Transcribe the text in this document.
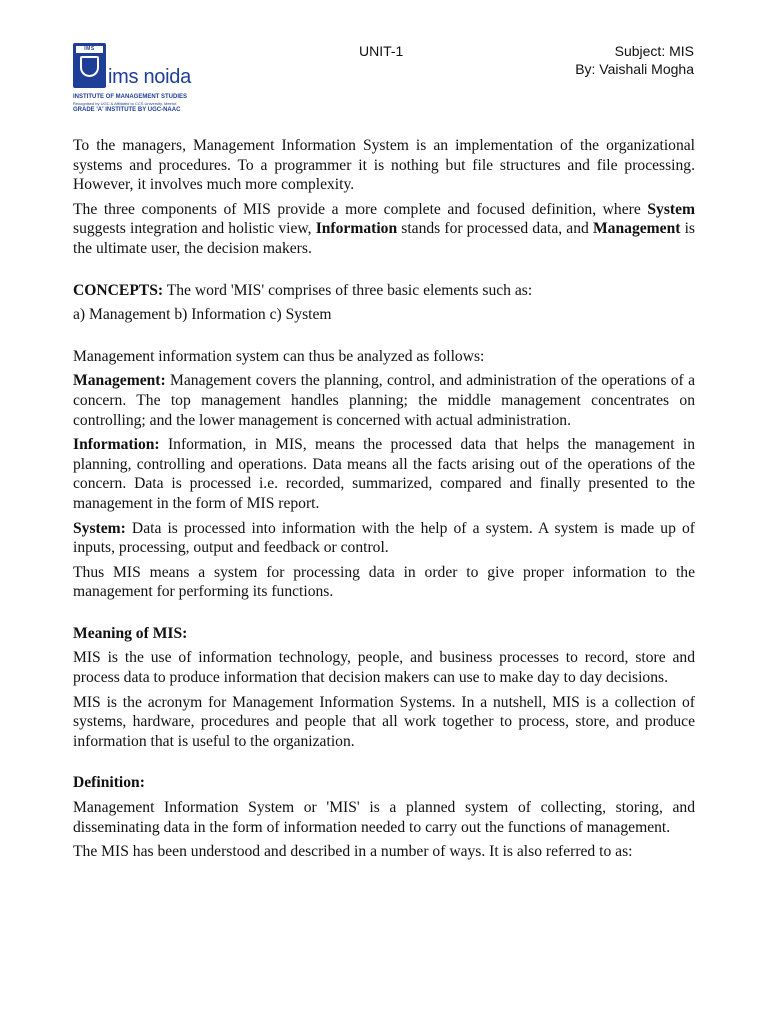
IMS
ims noida
INSTITUTE OF MANAGEMENT STUDIES
Recognised by UGC & Affiliated to CCS University, Meerut
GRADE 'A' INSTITUTE BY UGC-NAAC
UNIT-1	Subject: MIS
By: Vaishali Mogha

To the managers, Management Information System is an implementation of the organizational systems and procedures. To a programmer it is nothing but file structures and file processing. However, it involves much more complexity.

The three components of MIS provide a more complete and focused definition, where System suggests integration and holistic view, Information stands for processed data, and Management is the ultimate user, the decision makers.

CONCEPTS: The word 'MIS' comprises of three basic elements such as:

a) Management b) Information c) System

Management information system can thus be analyzed as follows:

Management: Management covers the planning, control, and administration of the operations of a concern. The top management handles planning; the middle management concentrates on controlling; and the lower management is concerned with actual administration.

Information: Information, in MIS, means the processed data that helps the management in planning, controlling and operations. Data means all the facts arising out of the operations of the concern. Data is processed i.e. recorded, summarized, compared and finally presented to the management in the form of MIS report.

System: Data is processed into information with the help of a system. A system is made up of inputs, processing, output and feedback or control.

Thus MIS means a system for processing data in order to give proper information to the management for performing its functions.

Meaning of MIS:

MIS is the use of information technology, people, and business processes to record, store and process data to produce information that decision makers can use to make day to day decisions.

MIS is the acronym for Management Information Systems. In a nutshell, MIS is a collection of systems, hardware, procedures and people that all work together to process, store, and produce information that is useful to the organization.

Definition:

Management Information System or 'MIS' is a planned system of collecting, storing, and disseminating data in the form of information needed to carry out the functions of management.

The MIS has been understood and described in a number of ways. It is also referred to as:
